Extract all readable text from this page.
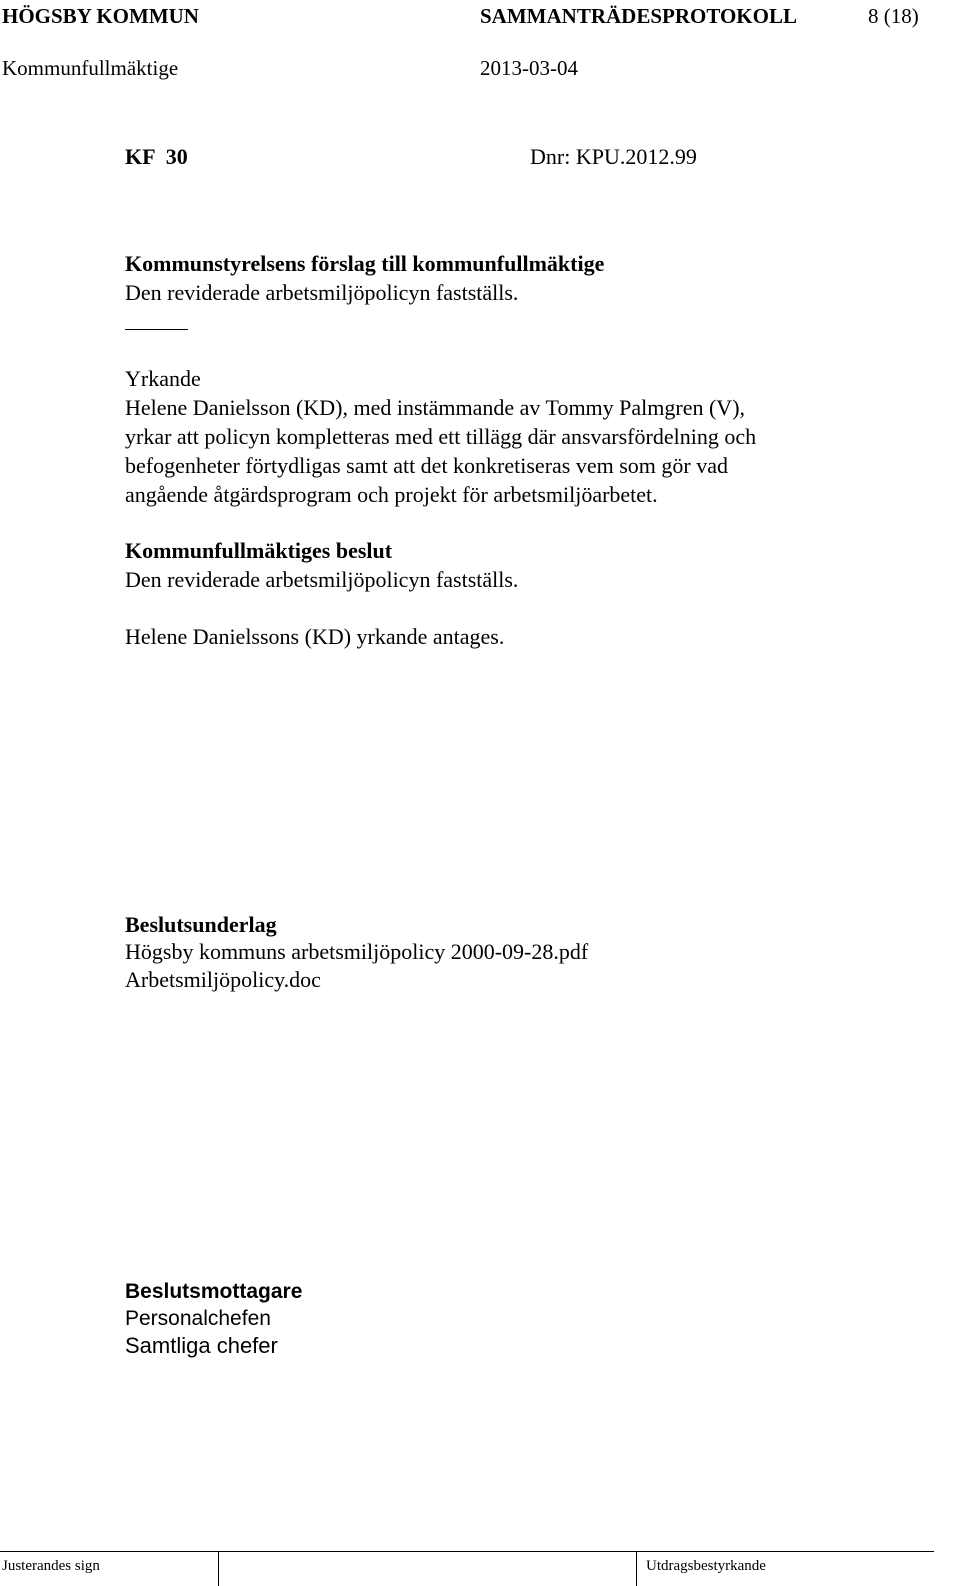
HÖGSBY KOMMUN	SAMMANTRÄDESPROTOKOLL	8 (18)
Kommunfullmäktige	2013-03-04
KF  30	Dnr: KPU.2012.99
Kommunstyrelsens förslag till kommunfullmäktige
Den reviderade arbetsmiljöpolicyn fastställs.
Yrkande
Helene Danielsson (KD), med instämmande av Tommy Palmgren (V),
yrkar att policyn kompletteras med ett tillägg där ansvarsfördelning och
befogenheter förtydligas samt att det konkretiseras vem som gör vad
angående åtgärdsprogram och projekt för arbetsmiljöarbetet.
Kommunfullmäktiges beslut
Den reviderade arbetsmiljöpolicyn fastställs.
Helene Danielssons (KD) yrkande antages.
Beslutsunderlag
Högsby kommuns arbetsmiljöpolicy 2000-09-28.pdf
Arbetsmiljöpolicy.doc
Beslutsmottagare
Personalchefen
Samtliga chefer
Justerandes sign	Utdragsbestyrkande
